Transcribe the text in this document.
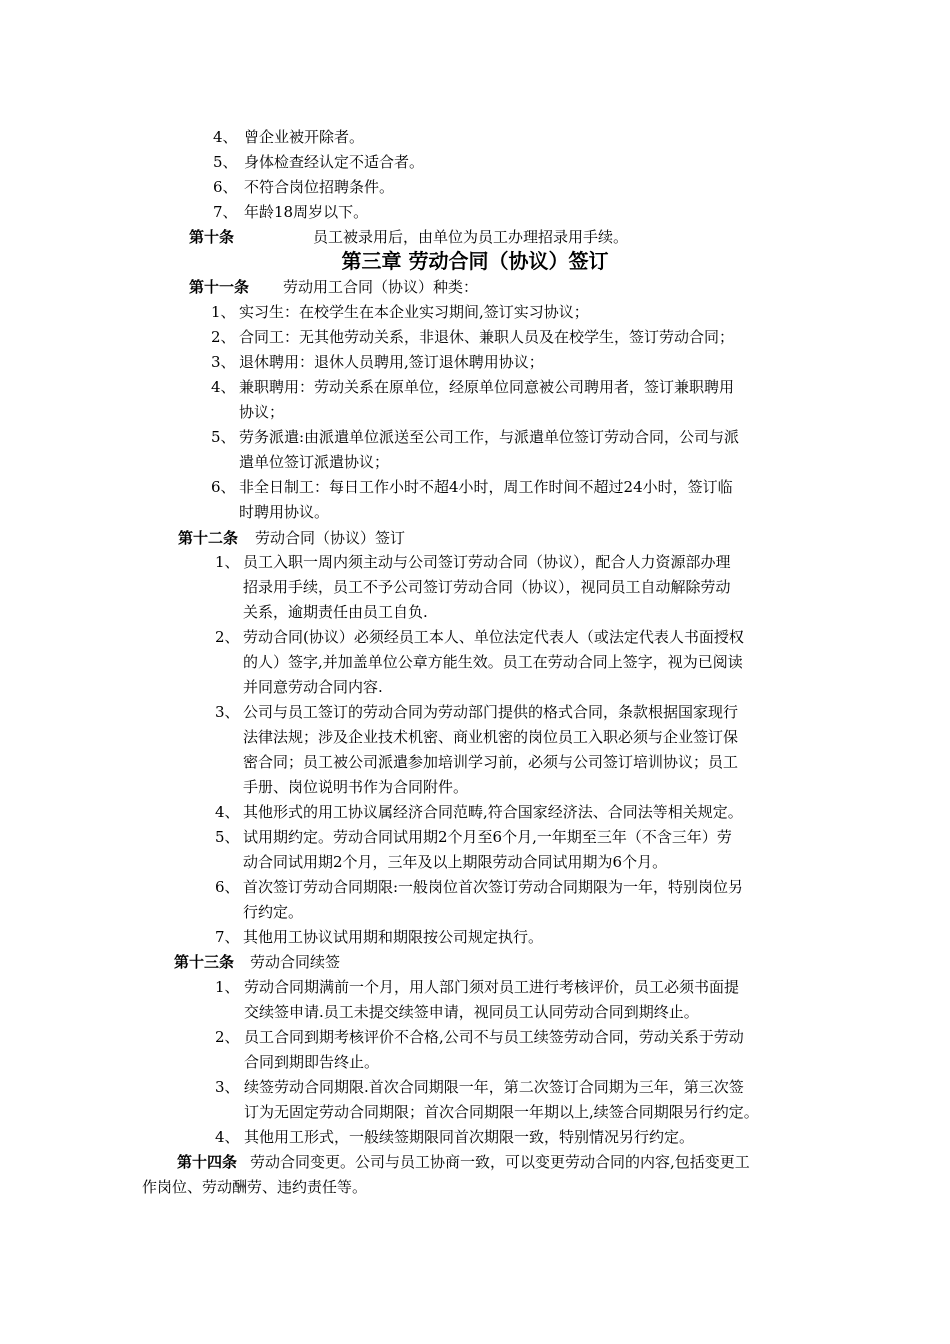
4、 曾企业被开除者。
5、 身体检查经认定不适合者。
6、 不符合岗位招聘条件。
7、 年龄18周岁以下。
第十条	员工被录用后，由单位为员工办理招录用手续。
第三章 劳动合同（协议）签订
第十一条 劳动用工合同（协议）种类：
1、 实习生：在校学生在本企业实习期间,签订实习协议；
2、 合同工：无其他劳动关系，非退休、兼职人员及在校学生，签订劳动合同；
3、 退休聘用：退休人员聘用,签订退休聘用协议；
4、 兼职聘用：劳动关系在原单位，经原单位同意被公司聘用者，签订兼职聘用
协议；
5、 劳务派遣:由派遣单位派送至公司工作，与派遣单位签订劳动合同，公司与派
遣单位签订派遣协议；
6、 非全日制工：每日工作小时不超4小时，周工作时间不超过24小时，签订临
时聘用协议。
第十二条 劳动合同（协议）签订
1、 员工入职一周内须主动与公司签订劳动合同（协议），配合人力资源部办理
招录用手续，员工不予公司签订劳动合同（协议），视同员工自动解除劳动
关系，逾期责任由员工自负.
2、 劳动合同(协议）必须经员工本人、单位法定代表人（或法定代表人书面授权
的人）签字,并加盖单位公章方能生效。员工在劳动合同上签字，视为已阅读
并同意劳动合同内容.
3、 公司与员工签订的劳动合同为劳动部门提供的格式合同，条款根据国家现行
法律法规；涉及企业技术机密、商业机密的岗位员工入职必须与企业签订保
密合同；员工被公司派遣参加培训学习前，必须与公司签订培训协议；员工
手册、岗位说明书作为合同附件。
4、 其他形式的用工协议属经济合同范畴,符合国家经济法、合同法等相关规定。
5、 试用期约定。劳动合同试用期2个月至6个月,一年期至三年（不含三年）劳
动合同试用期2个月，三年及以上期限劳动合同试用期为6个月。
6、 首次签订劳动合同期限:一般岗位首次签订劳动合同期限为一年，特别岗位另
行约定。
7、 其他用工协议试用期和期限按公司规定执行。
第十三条 劳动合同续签
1、 劳动合同期满前一个月，用人部门须对员工进行考核评价，员工必须书面提
交续签申请.员工未提交续签申请，视同员工认同劳动合同到期终止。
2、 员工合同到期考核评价不合格,公司不与员工续签劳动合同，劳动关系于劳动
合同到期即告终止。
3、 续签劳动合同期限.首次合同期限一年，第二次签订合同期为三年，第三次签
订为无固定劳动合同期限；首次合同期限一年期以上,续签合同期限另行约定。
4、 其他用工形式，一般续签期限同首次期限一致，特别情况另行约定。
第十四条 劳动合同变更。公司与员工协商一致，可以变更劳动合同的内容,包括变更工
作岗位、劳动酬劳、违约责任等。
